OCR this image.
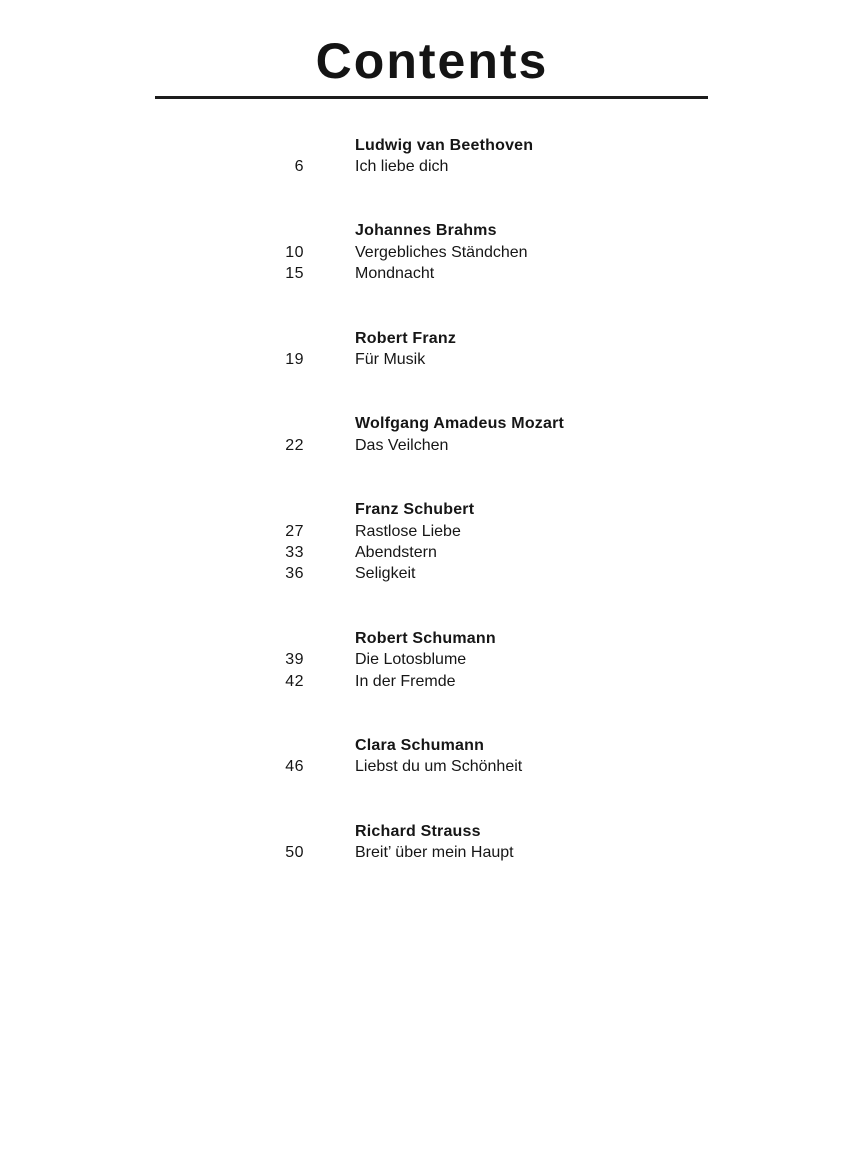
Contents
Ludwig van Beethoven
6	Ich liebe dich
Johannes Brahms
10	Vergebliches Ständchen
15	Mondnacht
Robert Franz
19	Für Musik
Wolfgang Amadeus Mozart
22	Das Veilchen
Franz Schubert
27	Rastlose Liebe
33	Abendstern
36	Seligkeit
Robert Schumann
39	Die Lotosblume
42	In der Fremde
Clara Schumann
46	Liebst du um Schönheit
Richard Strauss
50	Breit’ über mein Haupt
